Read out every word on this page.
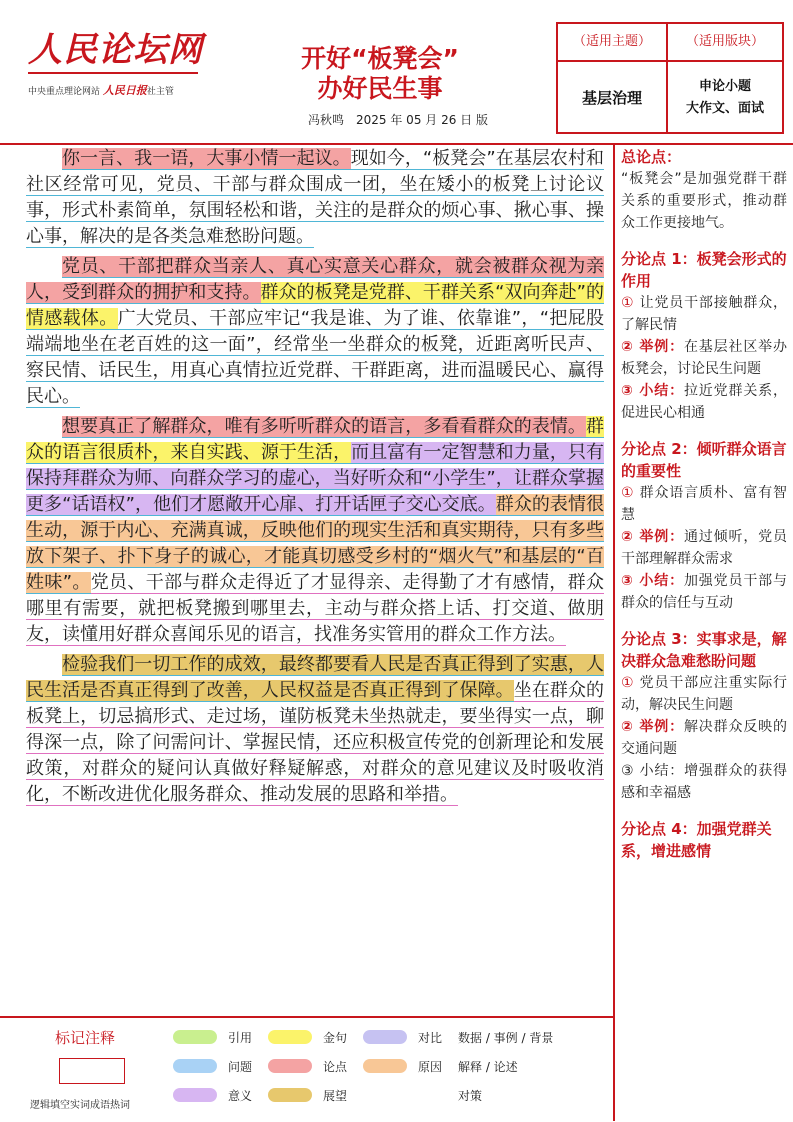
人民论坛网
中央重点理论网站 人民日报社主管
开好“板凳会”
办好民生事
冯秋鸣　2025 年 05 月 26 日 版
（适用主题）
基层治理
（适用版块）
申论小题
大作文、面试

你一言、我一语，大事小情一起议。现如今，“板凳会”在基层农村和社区经常可见，党员、干部与群众围成一团，坐在矮小的板凳上讨论议事，形式朴素简单，氛围轻松和谐，关注的是群众的烦心事、揪心事、操心事，解决的是各类急难愁盼问题。

党员、干部把群众当亲人、真心实意关心群众，就会被群众视为亲人，受到群众的拥护和支持。群众的板凳是党群、干群关系“双向奔赴”的情感载体。广大党员、干部应牢记“我是谁、为了谁、依靠谁”，“把屁股端端地坐在老百姓的这一面”，经常坐一坐群众的板凳，近距离听民声、察民情、话民生，用真心真情拉近党群、干群距离，进而温暖民心、赢得民心。

想要真正了解群众，唯有多听听群众的语言，多看看群众的表情。群众的语言很质朴，来自实践、源于生活，而且富有一定智慧和力量，只有保持拜群众为师、向群众学习的虚心，当好听众和“小学生”，让群众掌握更多“话语权”，他们才愿敞开心扉、打开话匣子交心交底。群众的表情很生动，源于内心、充满真诚，反映他们的现实生活和真实期待，只有多些放下架子、扑下身子的诚心，才能真切感受乡村的“烟火气”和基层的“百姓味”。党员、干部与群众走得近了才显得亲、走得勤了才有感情，群众哪里有需要，就把板凳搬到哪里去，主动与群众搭上话、打交道、做朋友，读懂用好群众喜闻乐见的语言，找准务实管用的群众工作方法。

检验我们一切工作的成效，最终都要看人民是否真正得到了实惠，人民生活是否真正得到了改善，人民权益是否真正得到了保障。坐在群众的板凳上，切忌搞形式、走过场，谨防板凳未坐热就走，要坐得实一点，聊得深一点，除了问需问计、掌握民情，还应积极宣传党的创新理论和发展政策，对群众的疑问认真做好释疑解惑，对群众的意见建议及时吸收消化，不断改进优化服务群众、推动发展的思路和举措。

总论点：

“板凳会”是加强党群干群关系的重要形式，推动群众工作更接地气。

分论点 1：板凳会形式的作用

① 让党员干部接触群众，了解民情

② 举例：在基层社区举办板凳会，讨论民生问题

③ 小结：拉近党群关系，促进民心相通

分论点 2：倾听群众语言的重要性

① 群众语言质朴、富有智慧

② 举例：通过倾听，党员干部理解群众需求

③ 小结：加强党员干部与群众的信任与互动

分论点 3：实事求是，解决群众急难愁盼问题

① 党员干部应注重实际行动，解决民生问题

② 举例：解决群众反映的交通问题

③ 小结：增强群众的获得感和幸福感

分论点 4：加强党群关系，增进感情
标记注释
逻辑填空实词成语热词
引用	金句	对比 数据 / 事例 / 背景
问题	论点	原因 解释 / 论述
意义	展望	对策
